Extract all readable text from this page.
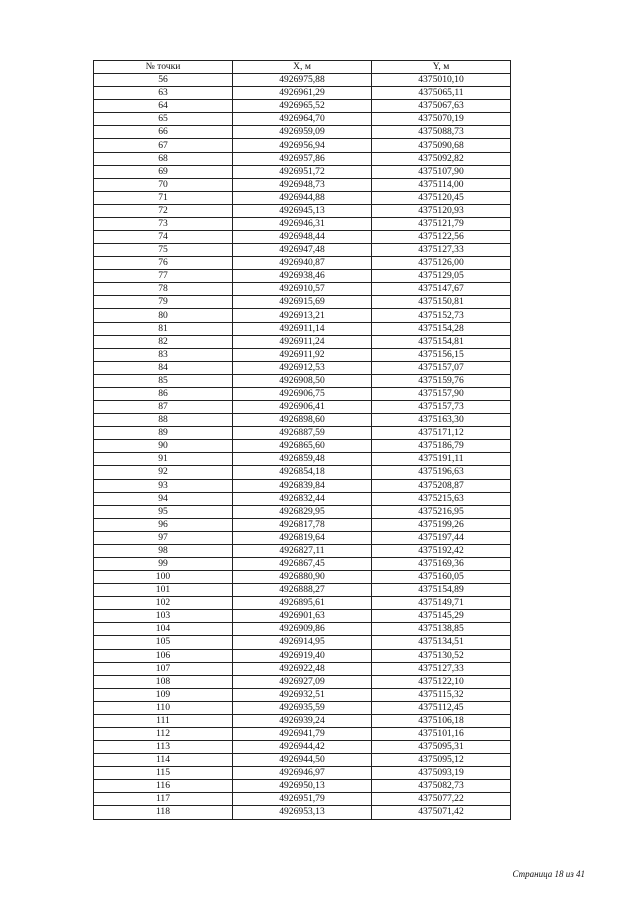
№ точки	X, м	Y, м
56	4926975,88	4375010,10
63	4926961,29	4375065,11
64	4926965,52	4375067,63
65	4926964,70	4375070,19
66	4926959,09	4375088,73
67	4926956,94	4375090,68
68	4926957,86	4375092,82
69	4926951,72	4375107,90
70	4926948,73	4375114,00
71	4926944,88	4375120,45
72	4926945,13	4375120,93
73	4926946,31	4375121,79
74	4926948,44	4375122,56
75	4926947,48	4375127,33
76	4926940,87	4375126,00
77	4926938,46	4375129,05
78	4926910,57	4375147,67
79	4926915,69	4375150,81
80	4926913,21	4375152,73
81	4926911,14	4375154,28
82	4926911,24	4375154,81
83	4926911,92	4375156,15
84	4926912,53	4375157,07
85	4926908,50	4375159,76
86	4926906,75	4375157,90
87	4926906,41	4375157,73
88	4926898,60	4375163,30
89	4926887,59	4375171,12
90	4926865,60	4375186,79
91	4926859,48	4375191,11
92	4926854,18	4375196,63
93	4926839,84	4375208,87
94	4926832,44	4375215,63
95	4926829,95	4375216,95
96	4926817,78	4375199,26
97	4926819,64	4375197,44
98	4926827,11	4375192,42
99	4926867,45	4375169,36
100	4926880,90	4375160,05
101	4926888,27	4375154,89
102	4926895,61	4375149,71
103	4926901,63	4375145,29
104	4926909,86	4375138,85
105	4926914,95	4375134,51
106	4926919,40	4375130,52
107	4926922,48	4375127,33
108	4926927,09	4375122,10
109	4926932,51	4375115,32
110	4926935,59	4375112,45
111	4926939,24	4375106,18
112	4926941,79	4375101,16
113	4926944,42	4375095,31
114	4926944,50	4375095,12
115	4926946,97	4375093,19
116	4926950,13	4375082,73
117	4926951,79	4375077,22
118	4926953,13	4375071,42
Страница 18 из 41
